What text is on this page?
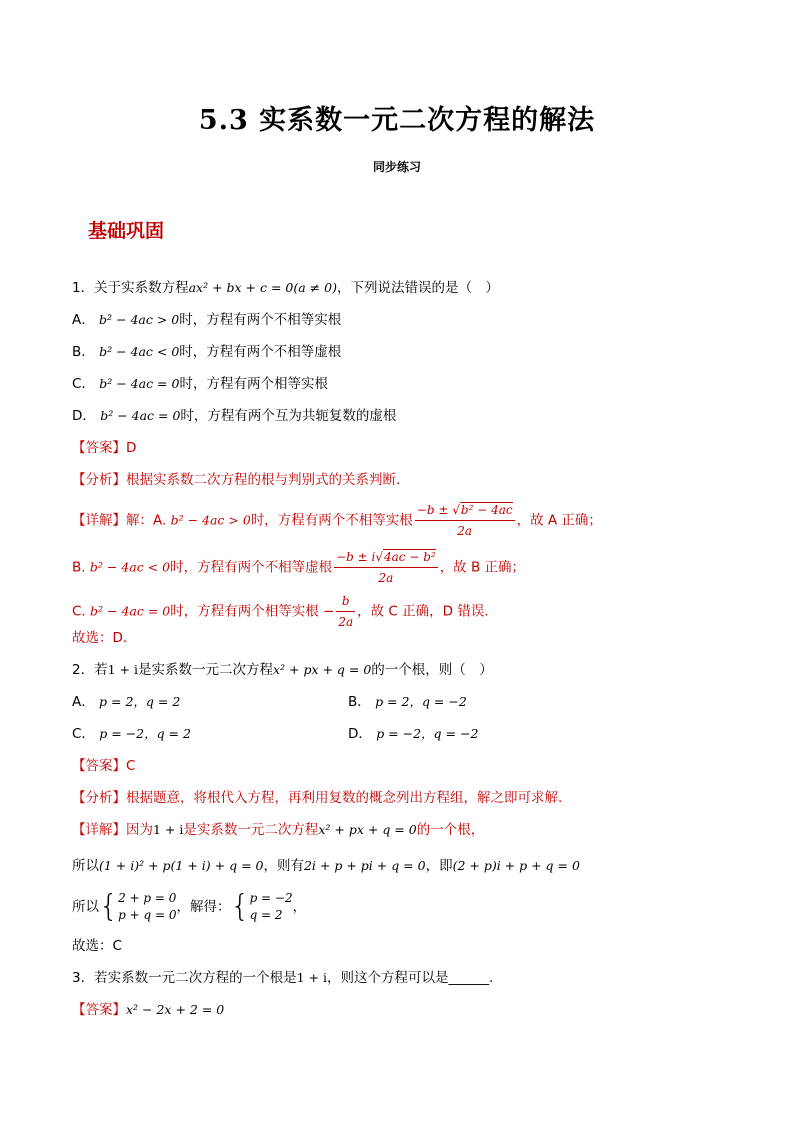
5.3 实系数一元二次方程的解法
同步练习
基础巩固
1．关于实系数方程ax² + bx + c = 0(a ≠ 0)，下列说法错误的是（　）
A． b² − 4ac > 0时，方程有两个不相等实根
B． b² − 4ac < 0时，方程有两个不相等虚根
C． b² − 4ac = 0时，方程有两个相等实根
D． b² − 4ac = 0时，方程有两个互为共轭复数的虚根
【答案】D
【分析】根据实系数二次方程的根与判别式的关系判断.
【详解】解：A. b² − 4ac > 0时，方程有两个不相等实根 $\frac{\text{−b ± √b² − 4ac}}{2a}$ ，故 A 正确；
B. b² − 4ac < 0时，方程有两个不相等虚根 $\frac{\text{−b ± i√4ac − b²}}{2a}$ ，故 B 正确；
C. b² − 4ac = 0时，方程有两个相等实根 − $\frac{b}{2a}$ ，故 C 正确，D 错误.
故选：D.
2．若1 + i是实系数一元二次方程x² + px + q = 0的一个根，则（　）
A． p = 2，q = 2	B． p = 2，q = −2
C． p = −2，q = 2	D． p = −2，q = −2
【答案】C
【分析】根据题意，将根代入方程，再利用复数的概念列出方程组，解之即可求解.
【详解】因为1 + i是实系数一元二次方程x² + px + q = 0的一个根，
所以(1 + i)² + p(1 + i) + q = 0，则有2i + p + pi + q = 0，即(2 + p)i + p + q = 0
所以{ 2 + p = 0
p + q = 0 ，解得：{ p = −2
q = 2 ，
故选：C
3．若实系数一元二次方程的一个根是1 + i，则这个方程可以是______.
【答案】x² − 2x + 2 = 0
